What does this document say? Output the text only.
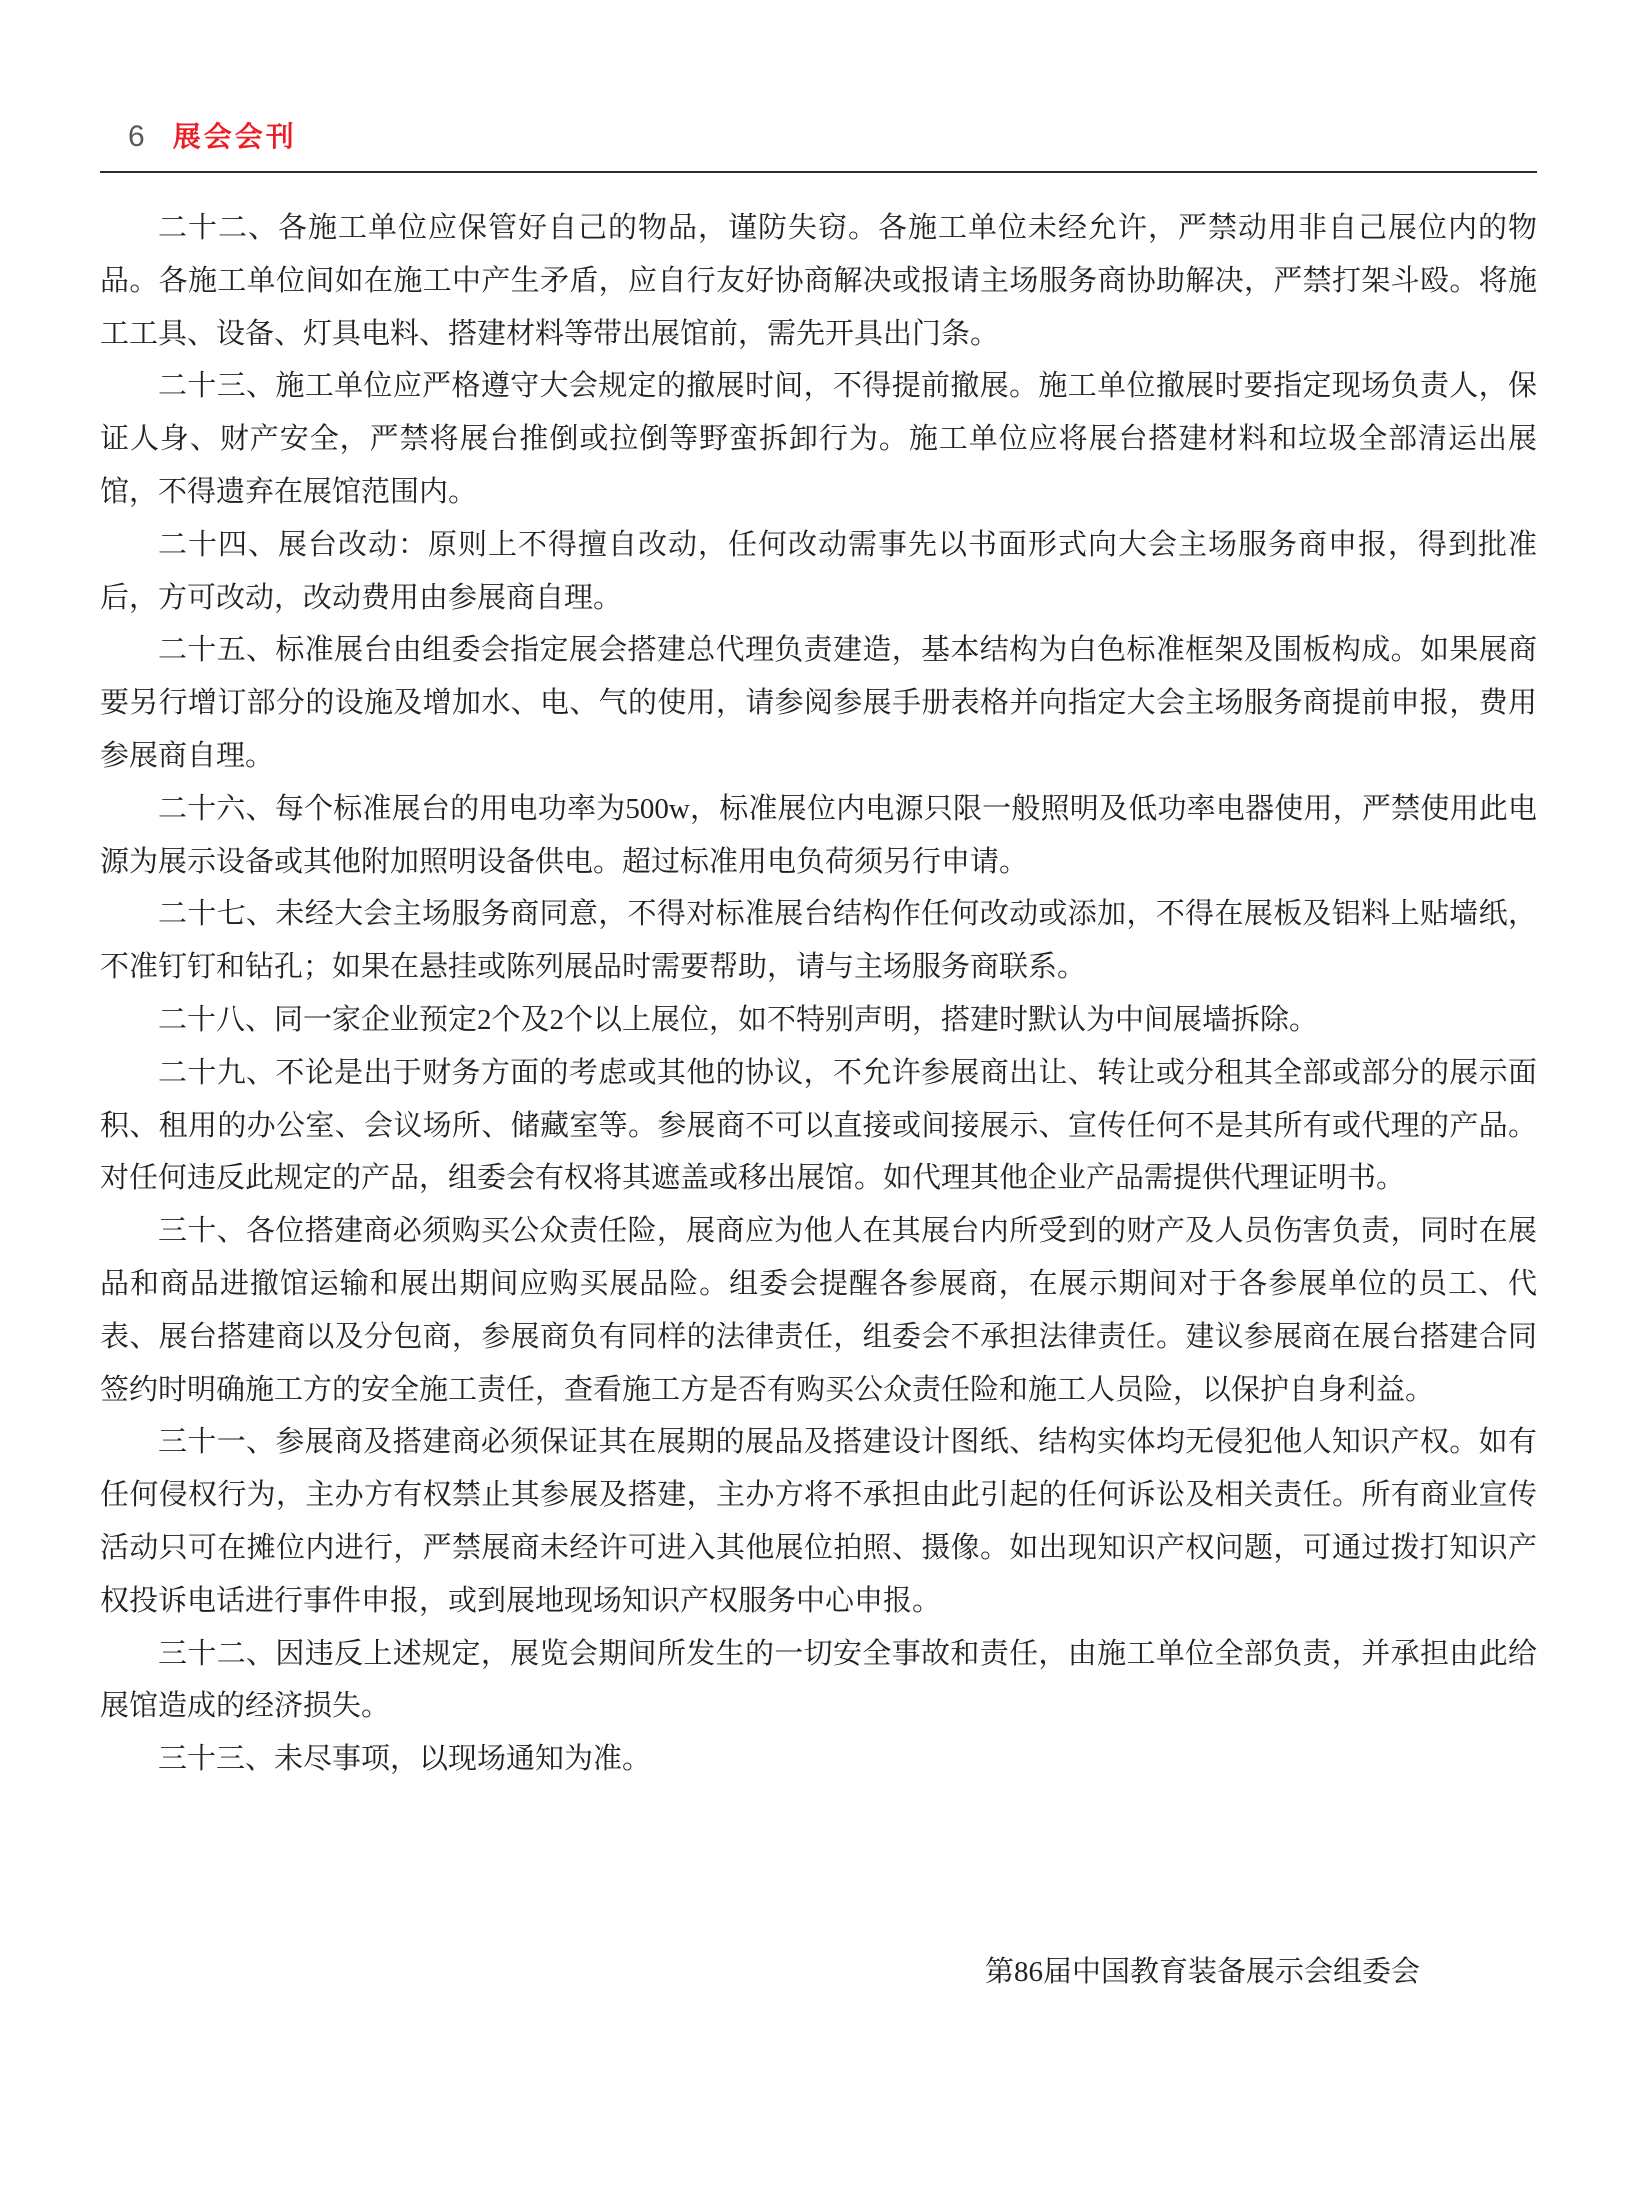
6 展会会刊

二十二、各施工单位应保管好自己的物品，谨防失窃。各施工单位未经允许，严禁动用非自己展位内的物品。各施工单位间如在施工中产生矛盾，应自行友好协商解决或报请主场服务商协助解决，严禁打架斗殴。将施工工具、设备、灯具电料、搭建材料等带出展馆前，需先开具出门条。

二十三、施工单位应严格遵守大会规定的撤展时间，不得提前撤展。施工单位撤展时要指定现场负责人，保证人身、财产安全，严禁将展台推倒或拉倒等野蛮拆卸行为。施工单位应将展台搭建材料和垃圾全部清运出展馆，不得遗弃在展馆范围内。

二十四、展台改动：原则上不得擅自改动，任何改动需事先以书面形式向大会主场服务商申报，得到批准后，方可改动，改动费用由参展商自理。

二十五、标准展台由组委会指定展会搭建总代理负责建造，基本结构为白色标准框架及围板构成。如果展商要另行增订部分的设施及增加水、电、气的使用，请参阅参展手册表格并向指定大会主场服务商提前申报，费用参展商自理。

二十六、每个标准展台的用电功率为500w，标准展位内电源只限一般照明及低功率电器使用，严禁使用此电源为展示设备或其他附加照明设备供电。超过标准用电负荷须另行申请。

二十七、未经大会主场服务商同意，不得对标准展台结构作任何改动或添加，不得在展板及铝料上贴墙纸，不准钉钉和钻孔；如果在悬挂或陈列展品时需要帮助，请与主场服务商联系。

二十八、同一家企业预定2个及2个以上展位，如不特别声明，搭建时默认为中间展墙拆除。

二十九、不论是出于财务方面的考虑或其他的协议，不允许参展商出让、转让或分租其全部或部分的展示面积、租用的办公室、会议场所、储藏室等。参展商不可以直接或间接展示、宣传任何不是其所有或代理的产品。对任何违反此规定的产品，组委会有权将其遮盖或移出展馆。如代理其他企业产品需提供代理证明书。

三十、各位搭建商必须购买公众责任险，展商应为他人在其展台内所受到的财产及人员伤害负责，同时在展品和商品进撤馆运输和展出期间应购买展品险。组委会提醒各参展商，在展示期间对于各参展单位的员工、代表、展台搭建商以及分包商，参展商负有同样的法律责任，组委会不承担法律责任。建议参展商在展台搭建合同签约时明确施工方的安全施工责任，查看施工方是否有购买公众责任险和施工人员险，以保护自身利益。

三十一、参展商及搭建商必须保证其在展期的展品及搭建设计图纸、结构实体均无侵犯他人知识产权。如有任何侵权行为，主办方有权禁止其参展及搭建，主办方将不承担由此引起的任何诉讼及相关责任。所有商业宣传活动只可在摊位内进行，严禁展商未经许可进入其他展位拍照、摄像。如出现知识产权问题，可通过拨打知识产权投诉电话进行事件申报，或到展地现场知识产权服务中心申报。

三十二、因违反上述规定，展览会期间所发生的一切安全事故和责任，由施工单位全部负责，并承担由此给展馆造成的经济损失。

三十三、未尽事项，以现场通知为准。

第86届中国教育装备展示会组委会
